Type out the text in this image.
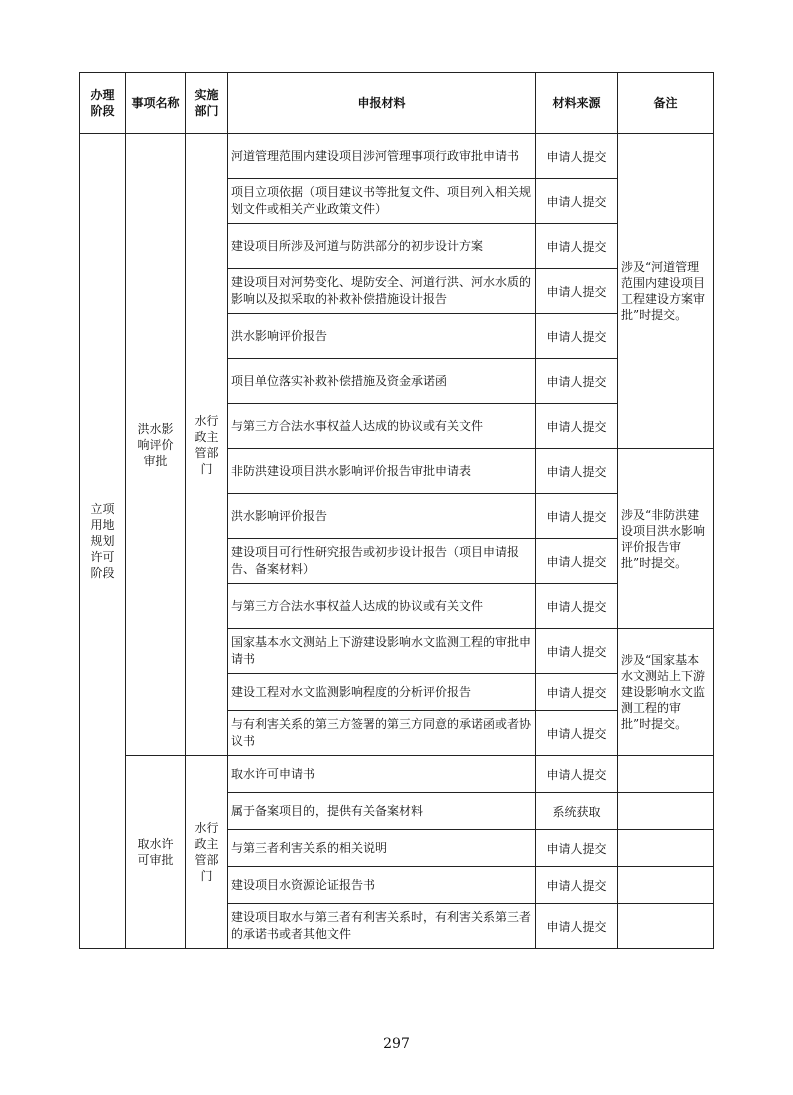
办理阶段	事项名称	实施部门	申报材料	材料来源	备注
立项用地规划许可阶段	洪水影响评价审批	水行政主管部门	河道管理范围内建设项目涉河管理事项行政审批申请书	申请人提交	涉及“河道管理范围内建设项目工程建设方案审批”时提交。
			项目立项依据（项目建议书等批复文件、项目列入相关规划文件或相关产业政策文件）	申请人提交	
			建设项目所涉及河道与防洪部分的初步设计方案	申请人提交	
			建设项目对河势变化、堤防安全、河道行洪、河水水质的影响以及拟采取的补救补偿措施设计报告	申请人提交	
			洪水影响评价报告	申请人提交	
			项目单位落实补救补偿措施及资金承诺函	申请人提交	
			与第三方合法水事权益人达成的协议或有关文件	申请人提交	
			非防洪建设项目洪水影响评价报告审批申请表	申请人提交	涉及“非防洪建设项目洪水影响评价报告审批”时提交。
			洪水影响评价报告	申请人提交	
			建设项目可行性研究报告或初步设计报告（项目申请报告、备案材料）	申请人提交	
			与第三方合法水事权益人达成的协议或有关文件	申请人提交	
			国家基本水文测站上下游建设影响水文监测工程的审批申请书	申请人提交	涉及“国家基本水文测站上下游建设影响水文监测工程的审批”时提交。
			建设工程对水文监测影响程度的分析评价报告	申请人提交	
			与有利害关系的第三方签署的第三方同意的承诺函或者协议书	申请人提交	
	取水许可审批	水行政主管部门	取水许可申请书	申请人提交	
			属于备案项目的，提供有关备案材料	系统获取	
			与第三者利害关系的相关说明	申请人提交	
			建设项目水资源论证报告书	申请人提交	
			建设项目取水与第三者有利害关系时，有利害关系第三者的承诺书或者其他文件	申请人提交	
297
